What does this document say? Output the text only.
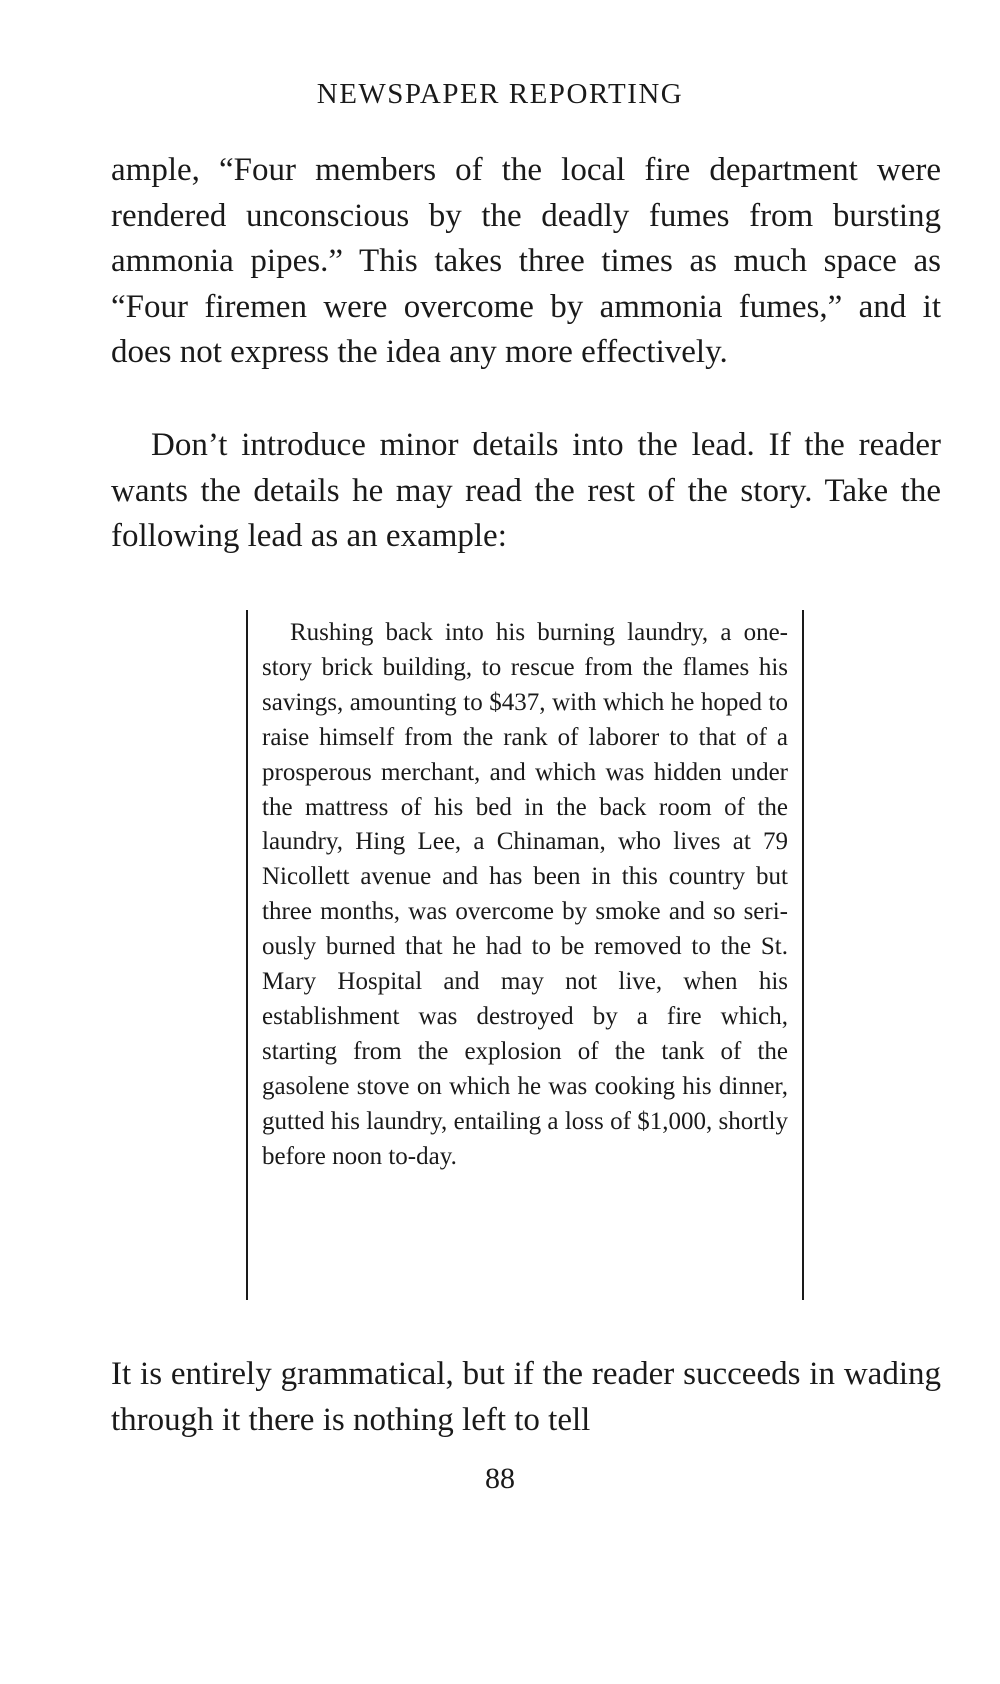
NEWSPAPER REPORTING

ample, “Four members of the local fire department were rendered unconscious by the deadly fumes from bursting ammonia pipes.” This takes three times as much space as “Four firemen were overcome by ammonia fumes,” and it does not express the idea any more effectively.

Don’t introduce minor details into the lead. If the reader wants the details he may read the rest of the story. Take the following lead as an example:

Rushing back into his burning laundry, a one-story brick building, to rescue from the flames his savings, amounting to $437, with which he hoped to raise himself from the rank of laborer to that of a prosperous merchant, and which was hidden under the mattress of his bed in the back room of the laundry, Hing Lee, a Chinaman, who lives at 79 Nicollett avenue and has been in this country but three months, was overcome by smoke and so seriously burned that he had to be removed to the St. Mary Hospital and may not live, when his establishment was destroyed by a fire which, starting from the explosion of the tank of the gasolene stove on which he was cooking his dinner, gutted his laundry, entailing a loss of $1,000, shortly before noon to-day.

It is entirely grammatical, but if the reader succeeds in wading through it there is nothing left to tell

88
